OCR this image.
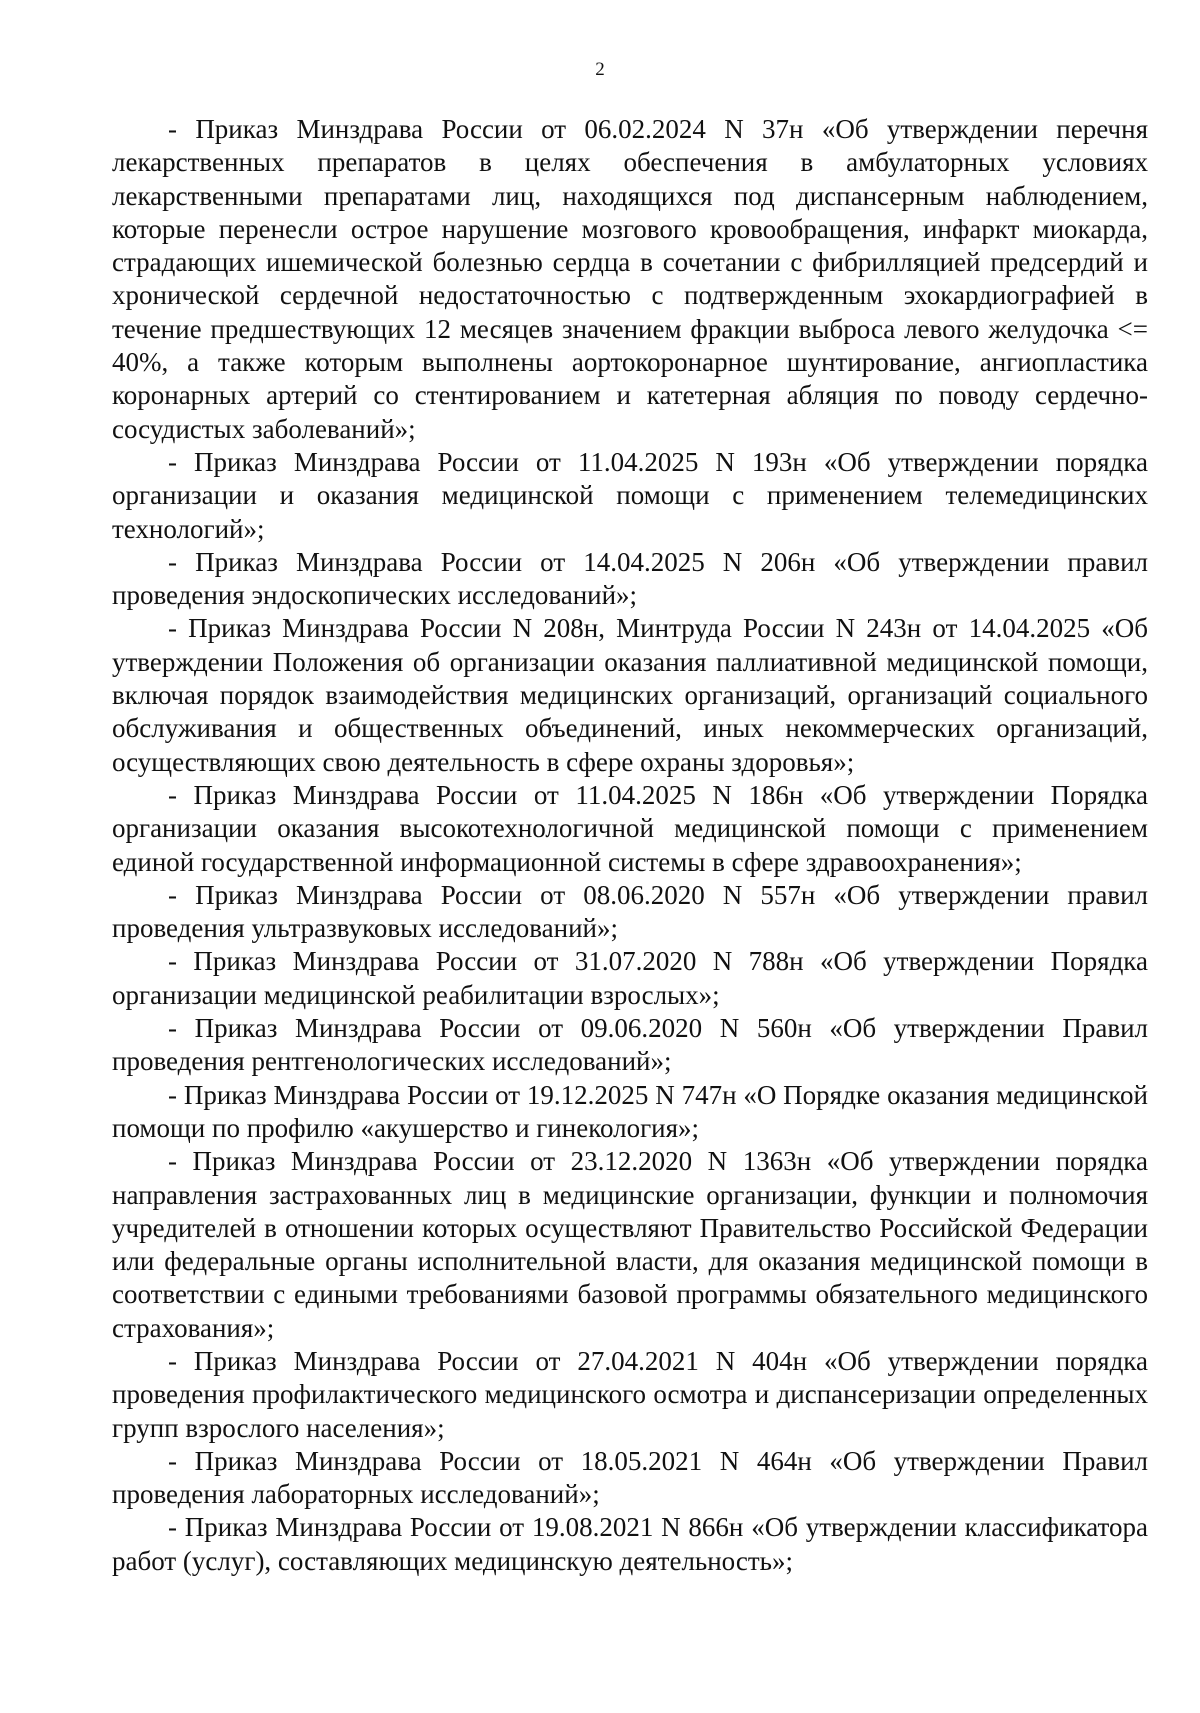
2

- Приказ Минздрава России от 06.02.2024 N 37н «Об утверждении перечня лекарственных препаратов в целях обеспечения в амбулаторных условиях лекарственными препаратами лиц, находящихся под диспансерным наблюдением, которые перенесли острое нарушение мозгового кровообращения, инфаркт миокарда, страдающих ишемической болезнью сердца в сочетании с фибрилляцией предсердий и хронической сердечной недостаточностью с подтвержденным эхокардиографией в течение предшествующих 12 месяцев значением фракции выброса левого желудочка <= 40%, а также которым выполнены аортокоронарное шунтирование, ангиопластика коронарных артерий со стентированием и катетерная абляция по поводу сердечно-сосудистых заболеваний»;

- Приказ Минздрава России от 11.04.2025 N 193н «Об утверждении порядка организации и оказания медицинской помощи с применением телемедицинских технологий»;

- Приказ Минздрава России от 14.04.2025 N 206н «Об утверждении правил проведения эндоскопических исследований»;

- Приказ Минздрава России N 208н, Минтруда России N 243н от 14.04.2025 «Об утверждении Положения об организации оказания паллиативной медицинской помощи, включая порядок взаимодействия медицинских организаций, организаций социального обслуживания и общественных объединений, иных некоммерческих организаций, осуществляющих свою деятельность в сфере охраны здоровья»;

- Приказ Минздрава России от 11.04.2025 N 186н «Об утверждении Порядка организации оказания высокотехнологичной медицинской помощи с применением единой государственной информационной системы в сфере здравоохранения»;

- Приказ Минздрава России от 08.06.2020 N 557н «Об утверждении правил проведения ультразвуковых исследований»;

- Приказ Минздрава России от 31.07.2020 N 788н «Об утверждении Порядка организации медицинской реабилитации взрослых»;

- Приказ Минздрава России от 09.06.2020 N 560н «Об утверждении Правил проведения рентгенологических исследований»;

- Приказ Минздрава России от 19.12.2025 N 747н «О Порядке оказания медицинской помощи по профилю «акушерство и гинекология»;

- Приказ Минздрава России от 23.12.2020 N 1363н «Об утверждении порядка направления застрахованных лиц в медицинские организации, функции и полномочия учредителей в отношении которых осуществляют Правительство Российской Федерации или федеральные органы исполнительной власти, для оказания медицинской помощи в соответствии с едиными требованиями базовой программы обязательного медицинского страхования»;

- Приказ Минздрава России от 27.04.2021 N 404н «Об утверждении порядка проведения профилактического медицинского осмотра и диспансеризации определенных групп взрослого населения»;

- Приказ Минздрава России от 18.05.2021 N 464н «Об утверждении Правил проведения лабораторных исследований»;

- Приказ Минздрава России от 19.08.2021 N 866н «Об утверждении классификатора работ (услуг), составляющих медицинскую деятельность»;
